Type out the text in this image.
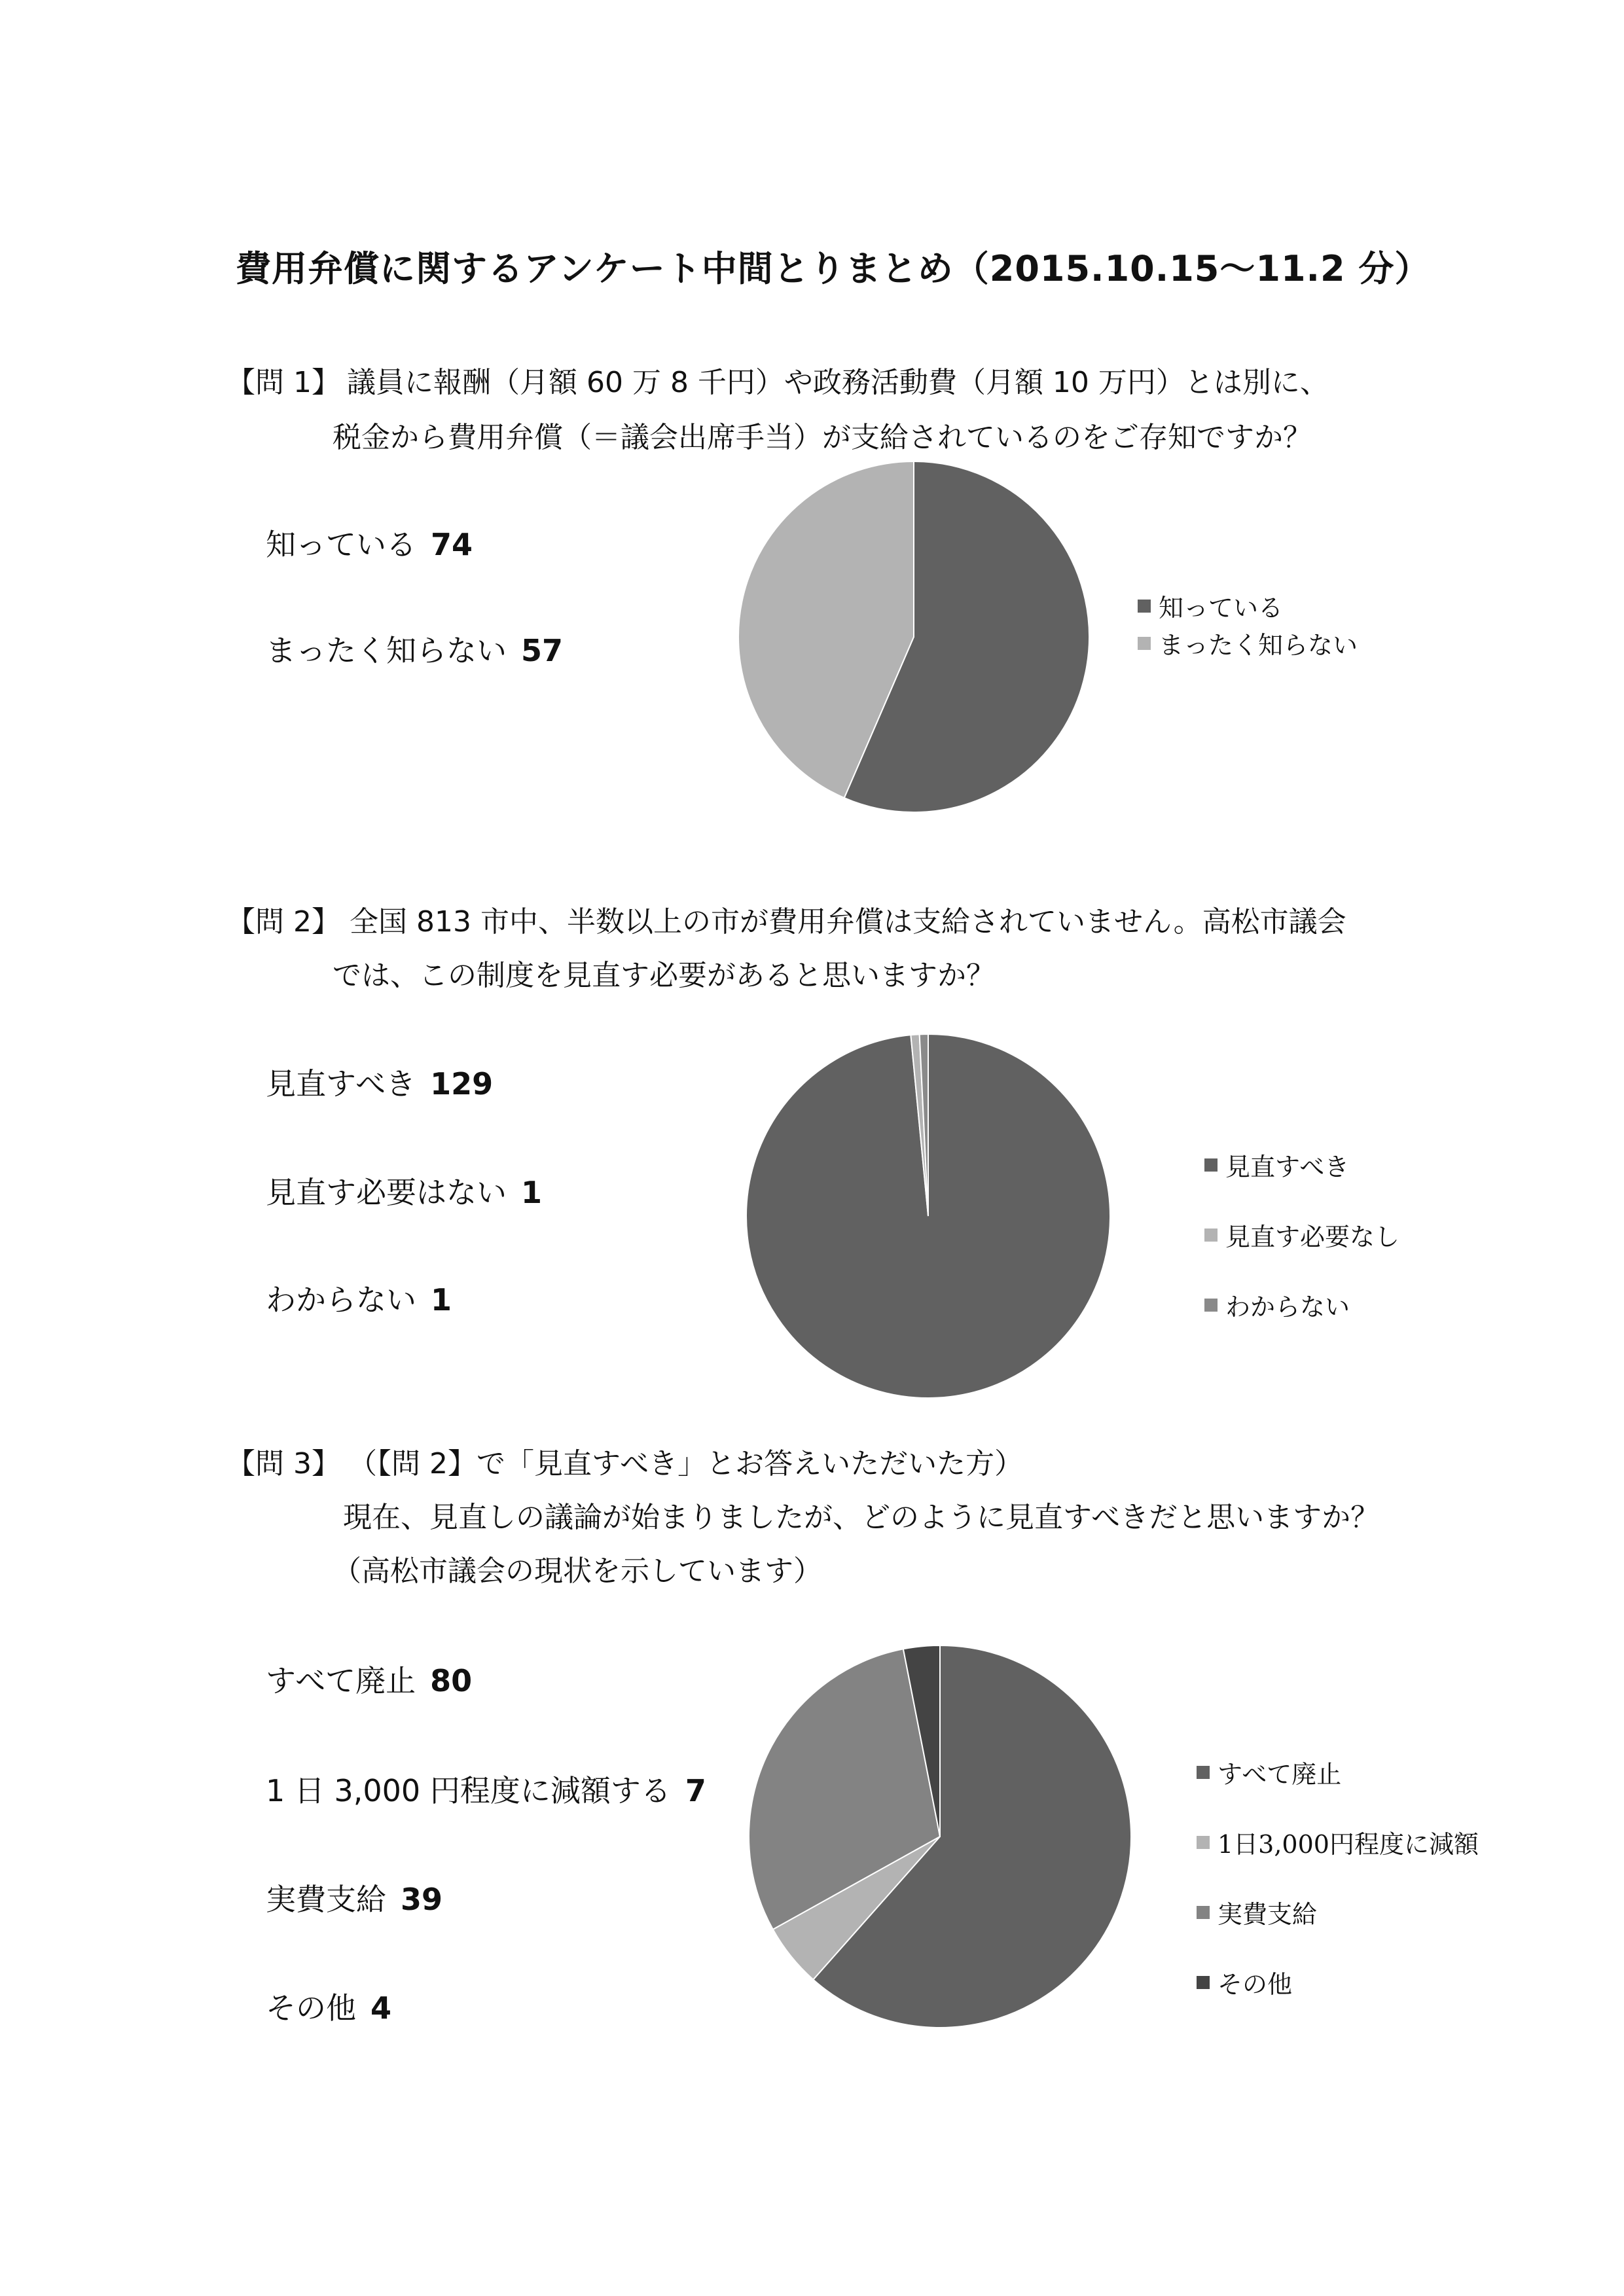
費用弁償に関するアンケート中間とりまとめ（2015.10.15〜11.2 分）
【問 1】 議員に報酬（月額 60 万 8 千円）や政務活動費（月額 10 万円）とは別に、
税金から費用弁償（＝議会出席手当）が支給されているのをご存知ですか？
知っている 74
まったく知らない 57
知っている
まったく知らない
【問 2】 全国 813 市中、半数以上の市が費用弁償は支給されていません。高松市議会
では、この制度を見直す必要があると思いますか？
見直すべき 129
見直す必要はない 1
わからない 1
見直すべき
見直す必要なし
わからない
【問 3】 （【問 2】で「見直すべき」とお答えいただいた方）
現在、見直しの議論が始まりましたが、どのように見直すべきだと思いますか？
（高松市議会の現状を示しています）
すべて廃止 80
1 日 3,000 円程度に減額する 7
実費支給 39
その他 4
すべて廃止
1日3,000円程度に減額
実費支給
その他
